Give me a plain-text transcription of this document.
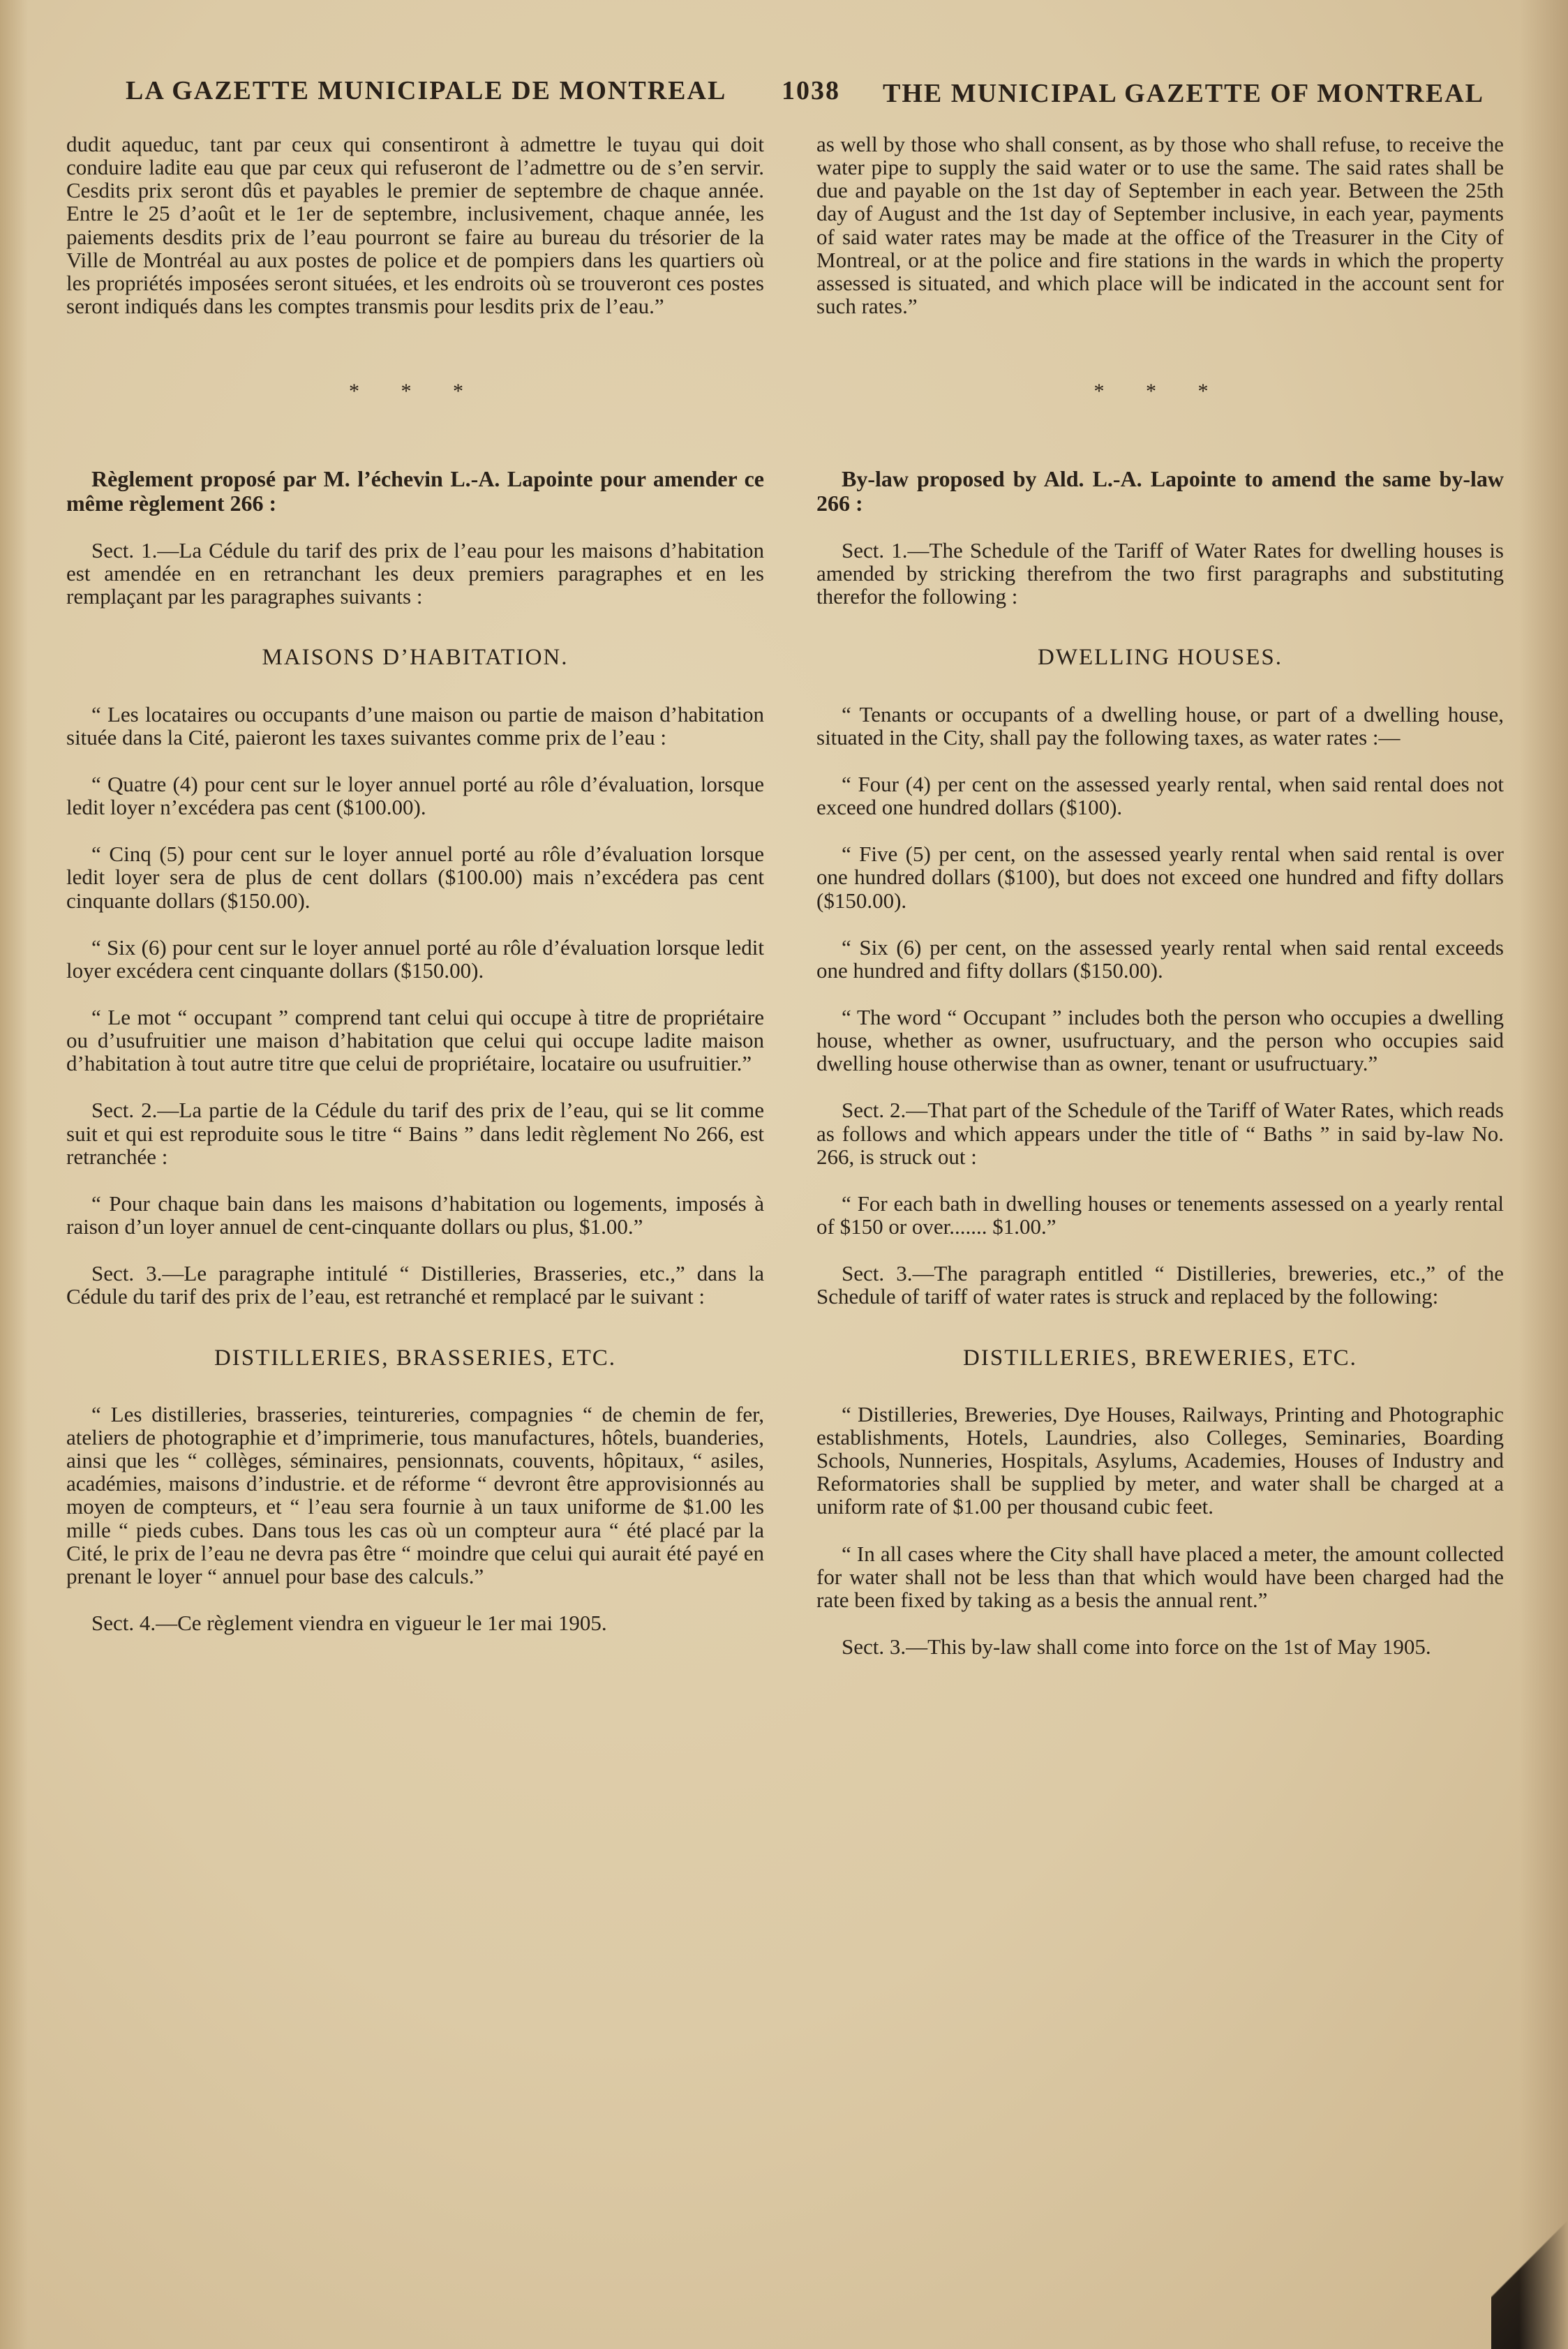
LA GAZETTE MUNICIPALE DE MONTREAL 1038 THE MUNICIPAL GAZETTE OF MONTREAL

dudit aqueduc, tant par ceux qui consentiront à admettre le tuyau qui doit conduire ladite eau que par ceux qui refuseront de l’admettre ou de s’en servir. Cesdits prix seront dûs et payables le premier de septembre de chaque année. Entre le 25 d’août et le 1er de septembre, inclusivement, chaque année, les paiements desdits prix de l’eau pourront se faire au bureau du trésorier de la Ville de Montréal au aux postes de police et de pompiers dans les quartiers où les propriétés imposées seront situées, et les endroits où se trouveront ces postes seront indiqués dans les comptes transmis pour lesdits prix de l’eau.”

* * *

Règlement proposé par M. l’échevin L.-A. Lapointe pour amender ce même règlement 266 :

Sect. 1.—La Cédule du tarif des prix de l’eau pour les maisons d’habitation est amendée en en retranchant les deux premiers paragraphes et en les remplaçant par les paragraphes suivants :

MAISONS D’HABITATION.

“ Les locataires ou occupants d’une maison ou partie de maison d’habitation située dans la Cité, paieront les taxes suivantes comme prix de l’eau :

“ Quatre (4) pour cent sur le loyer annuel porté au rôle d’évaluation, lorsque ledit loyer n’excédera pas cent ($100.00).

“ Cinq (5) pour cent sur le loyer annuel porté au rôle d’évaluation lorsque ledit loyer sera de plus de cent dollars ($100.00) mais n’excédera pas cent cinquante dollars ($150.00).

“ Six (6) pour cent sur le loyer annuel porté au rôle d’évaluation lorsque ledit loyer excédera cent cinquante dollars ($150.00).

“ Le mot “ occupant ” comprend tant celui qui occupe à titre de propriétaire ou d’usufruitier une maison d’habitation que celui qui occupe ladite maison d’habitation à tout autre titre que celui de propriétaire, locataire ou usufruitier.”

Sect. 2.—La partie de la Cédule du tarif des prix de l’eau, qui se lit comme suit et qui est reproduite sous le titre “ Bains ” dans ledit règlement No 266, est retranchée :

“ Pour chaque bain dans les maisons d’habitation ou logements, imposés à raison d’un loyer annuel de cent-cinquante dollars ou plus, $1.00.”

Sect. 3.—Le paragraphe intitulé “ Distilleries, Brasseries, etc.,” dans la Cédule du tarif des prix de l’eau, est retranché et remplacé par le suivant :

DISTILLERIES, BRASSERIES, ETC.

“ Les distilleries, brasseries, teintureries, compagnies “ de chemin de fer, ateliers de photographie et d’imprimerie, tous manufactures, hôtels, buanderies, ainsi que les “ collèges, séminaires, pensionnats, couvents, hôpitaux, “ asiles, académies, maisons d’industrie. et de réforme “ devront être approvisionnés au moyen de compteurs, et “ l’eau sera fournie à un taux uniforme de $1.00 les mille “ pieds cubes. Dans tous les cas où un compteur aura “ été placé par la Cité, le prix de l’eau ne devra pas être “ moindre que celui qui aurait été payé en prenant le loyer “ annuel pour base des calculs.”

Sect. 4.—Ce règlement viendra en vigueur le 1er mai 1905.

as well by those who shall consent, as by those who shall refuse, to receive the water pipe to supply the said water or to use the same. The said rates shall be due and payable on the 1st day of September in each year. Between the 25th day of August and the 1st day of September inclusive, in each year, payments of said water rates may be made at the office of the Treasurer in the City of Montreal, or at the police and fire stations in the wards in which the property assessed is situated, and which place will be indicated in the account sent for such rates.”

* * *

By-law proposed by Ald. L.-A. Lapointe to amend the same by-law 266 :

Sect. 1.—The Schedule of the Tariff of Water Rates for dwelling houses is amended by stricking therefrom the two first paragraphs and substituting therefor the following :

DWELLING HOUSES.

“ Tenants or occupants of a dwelling house, or part of a dwelling house, situated in the City, shall pay the following taxes, as water rates :—

“ Four (4) per cent on the assessed yearly rental, when said rental does not exceed one hundred dollars ($100).

“ Five (5) per cent, on the assessed yearly rental when said rental is over one hundred dollars ($100), but does not exceed one hundred and fifty dollars ($150.00).

“ Six (6) per cent, on the assessed yearly rental when said rental exceeds one hundred and fifty dollars ($150.00).

“ The word “ Occupant ” includes both the person who occupies a dwelling house, whether as owner, usufructuary, and the person who occupies said dwelling house otherwise than as owner, tenant or usufructuary.”

Sect. 2.—That part of the Schedule of the Tariff of Water Rates, which reads as follows and which appears under the title of “ Baths ” in said by-law No. 266, is struck out :

“ For each bath in dwelling houses or tenements assessed on a yearly rental of $150 or over....... $1.00.”

Sect. 3.—The paragraph entitled “ Distilleries, breweries, etc.,” of the Schedule of tariff of water rates is struck and replaced by the following:

DISTILLERIES, BREWERIES, ETC.

“ Distilleries, Breweries, Dye Houses, Railways, Printing and Photographic establishments, Hotels, Laundries, also Colleges, Seminaries, Boarding Schools, Nunneries, Hospitals, Asylums, Academies, Houses of Industry and Reformatories shall be supplied by meter, and water shall be charged at a uniform rate of $1.00 per thousand cubic feet.

“ In all cases where the City shall have placed a meter, the amount collected for water shall not be less than that which would have been charged had the rate been fixed by taking as a besis the annual rent.”

Sect. 3.—This by-law shall come into force on the 1st of May 1905.
